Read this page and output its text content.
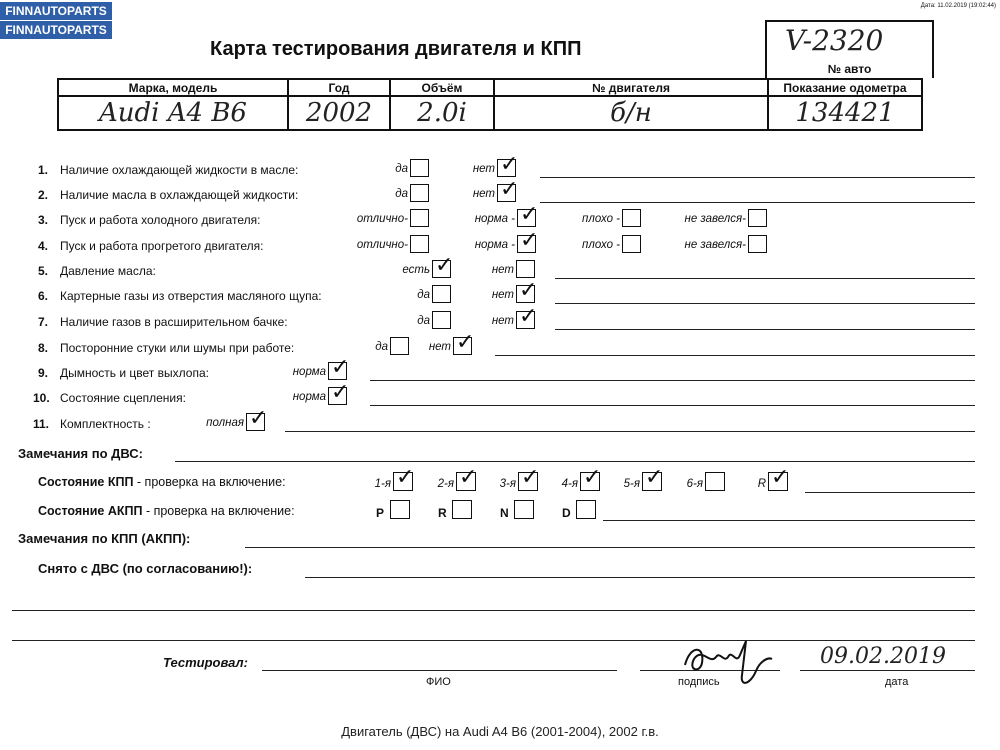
FINNAUTOPARTS
FINNAUTOPARTS
Дата: 11.02.2019 (19:02:44)
Карта тестирования двигателя и КПП	V-2320
№ авто
Марка, модель	Год	Объём	№ двигателя	Показание одометра
Audi A4 B6	2002	2.0i	б/н	134421
1. Наличие охлаждающей жидкости в масле:	да	нет ✓
2. Наличие масла в охлаждающей жидкости:	да	нет ✓
3. Пуск и работа холодного двигателя:	отлично-	норма - ✓	плохо -	не завелся-
4. Пуск и работа прогретого двигателя:	отлично-	норма - ✓	плохо -	не завелся-
5. Давление масла:	есть ✓	нет
6. Картерные газы из отверстия масляного щупа:	да	нет ✓
7. Наличие газов в расширительном бачке:	да	нет ✓
8. Посторонние стуки или шумы при работе:	да	нет ✓
9. Дымность и цвет выхлопа:	норма ✓
10. Состояние сцепления:	норма ✓
11. Комплектность :	полная ✓
Замечания по ДВС:
Состояние КПП - проверка на включение:	1-я ✓	2-я ✓	3-я ✓	4-я ✓	5-я ✓	6-я	R ✓
Состояние АКПП - проверка на включение:	P	R	N	D
Замечания по КПП (АКПП):
Снято с ДВС (по согласованию!):
Тестировал:
ФИО	подпись
09.02.2019
дата
Двигатель (ДВС) на Audi A4 B6 (2001-2004), 2002 г.в.
